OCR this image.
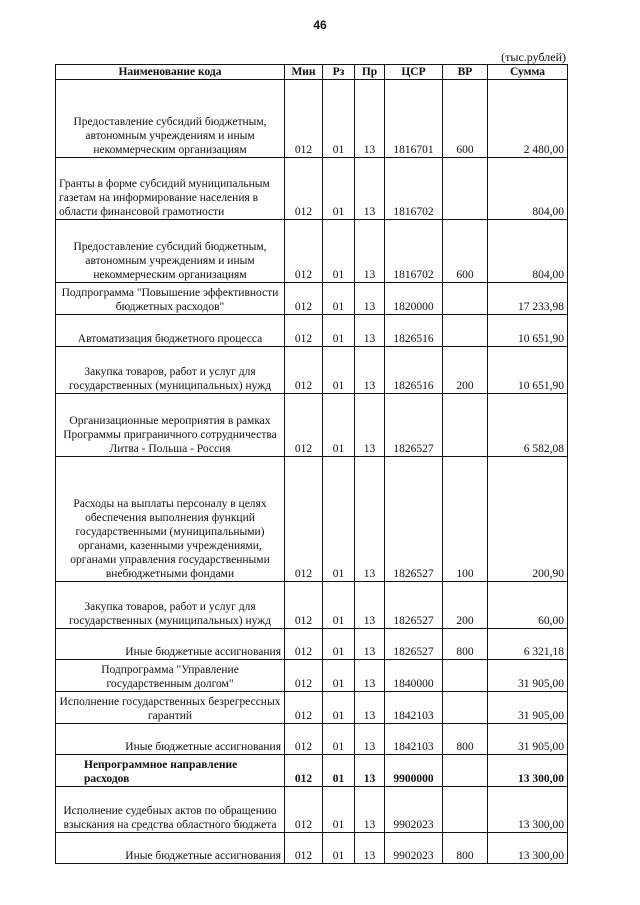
46
(тыс.рублей)
Наименование кода	Мин	Рз	Пр	ЦСР	ВР	Сумма
Предоставление субсидий бюджетным, автономным учреждениям и иным некоммерческим организациям	012	01	13	1816701	600	2 480,00
Гранты в форме субсидий муниципальным газетам на информирование населения в области финансовой грамотности	012	01	13	1816702		804,00
Предоставление субсидий бюджетным, автономным учреждениям и иным некоммерческим организациям	012	01	13	1816702	600	804,00
Подпрограмма "Повышение эффективности бюджетных расходов"	012	01	13	1820000		17 233,98
Автоматизация бюджетного процесса	012	01	13	1826516		10 651,90
Закупка товаров, работ и услуг для государственных (муниципальных) нужд	012	01	13	1826516	200	10 651,90
Организационные мероприятия в рамках Программы приграничного сотрудничества Литва - Польша - Россия	012	01	13	1826527		6 582,08
Расходы на выплаты персоналу в целях обеспечения выполнения функций государственными (муниципальными) органами, казенными учреждениями, органами управления государственными внебюджетными фондами	012	01	13	1826527	100	200,90
Закупка товаров, работ и услуг для государственных (муниципальных) нужд	012	01	13	1826527	200	60,00
Иные бюджетные ассигнования	012	01	13	1826527	800	6 321,18
Подпрограмма "Управление государственным долгом"	012	01	13	1840000		31 905,00
Исполнение государственных безрегрессных гарантий	012	01	13	1842103		31 905,00
Иные бюджетные ассигнования	012	01	13	1842103	800	31 905,00
Непрограммное направление расходов	012	01	13	9900000		13 300,00
Исполнение судебных актов по обращению взыскания на средства областного бюджета	012	01	13	9902023		13 300,00
Иные бюджетные ассигнования	012	01	13	9902023	800	13 300,00
